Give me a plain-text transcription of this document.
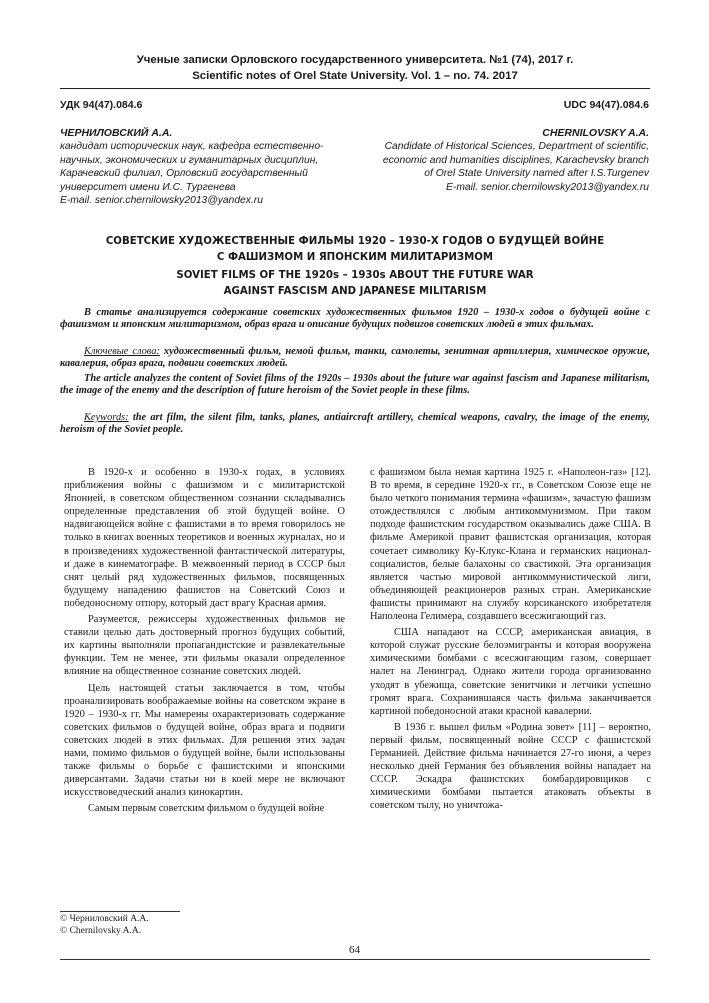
Ученые записки Орловского государственного университета. №1 (74), 2017 г.
Scientific notes of Orel State University. Vol. 1 – no. 74. 2017
УДК 94(47).084.6	UDC 94(47).084.6
ЧЕРНИЛОВСКИЙ А.А.
кандидат исторических наук, кафедра естественно-
научных, экономических и гуманитарных дисциплин,
Карачевский филиал, Орловский государственный
университет имени И.С. Тургенева
E-mail. senior.chernilowsky2013@yandex.ru
CHERNILOVSKY A.A.
Candidate of Historical Sciences, Department of scientific,
economic and humanities disciplines, Karachevsky branch
of Orel State University named after I.S.Turgenev
E-mail. senior.chernilowsky2013@yandex.ru
СОВЕТСКИЕ ХУДОЖЕСТВЕННЫЕ ФИЛЬМЫ 1920 – 1930-Х ГОДОВ О БУДУЩЕЙ ВОЙНЕ
С ФАШИЗМОМ И ЯПОНСКИМ МИЛИТАРИЗМОМ
SOVIET FILMS OF THE 1920s – 1930s ABOUT THE FUTURE WAR
AGAINST FASCISM AND JAPANESE MILITARISM
В статье анализируется содержание советских художественных фильмов 1920 – 1930-х годов о будущей войне с фашизмом и японским милитаризмом, образ врага и описание будущих подвигов советских людей в этих фильмах.
Ключевые слова: художественный фильм, немой фильм, танки, самолеты, зенитная артиллерия, химическое оружие, кавалерия, образ врага, подвиги советских людей.
The article analyzes the content of Soviet films of the 1920s – 1930s about the future war against fascism and Japanese militarism, the image of the enemy and the description of future heroism of the Soviet people in these films.
Keywords: the art film, the silent film, tanks, planes, antiaircraft artillery, chemical weapons, cavalry, the image of the enemy, heroism of the Soviet people.

В 1920-х и особенно в 1930-х годах, в условиях приближения войны с фашизмом и с милитаристской Японией, в советском общественном сознании складывались определенные представления об этой будущей войне. О надвигающейся войне с фашистами в то время говорилось не только в книгах военных теоретиков и военных журналах, но и в произведениях художественной фантастической литературы, и даже в кинематографе. В межвоенный период в СССР был снят целый ряд художественных фильмов, посвященных будущему нападению фашистов на Советский Союз и победоносному отпору, который даст врагу Красная армия.

Разумеется, режиссеры художественных фильмов не ставили целью дать достоверный прогноз будущих событий, их картины выполняли пропагандистские и развлекательные функции. Тем не менее, эти фильмы оказали определенное влияние на общественное сознание советских людей.

Цель настоящей статьи заключается в том, чтобы проанализировать воображаемые войны на советском экране в 1920 – 1930-х гг. Мы намерены охарактеризовать содержание советских фильмов о будущей войне, образ врага и подвиги советских людей в этих фильмах. Для решения этих задач нами, помимо фильмов о будущей войне, были использованы также фильмы о борьбе с фашистскими и японскими диверсантами. Задачи статьи ни в коей мере не включают искусствоведческий анализ кинокартин.

Самым первым советским фильмом о будущей войне

с фашизмом была немая картина 1925 г. «Наполеон-газ» [12]. В то время, в середине 1920-х гг., в Советском Союзе еще не было четкого понимания термина «фашизм», зачастую фашизм отождествлялся с любым антикоммунизмом. При таком подходе фашистским государством оказывались даже США. В фильме Америкой правит фашистская организация, которая сочетает символику Ку-Клукс-Клана и германских национал-социалистов, белые балахоны со свастикой. Эта организация является частью мировой антикоммунистической лиги, объединяющей реакционеров разных стран. Американские фашисты принимают на службу корсиканского изобретателя Наполеона Гелимера, создавшего всесжигающий газ.

США нападают на СССР, американская авиация, в которой служат русские белоэмигранты и которая вооружена химическими бомбами с всесжигающим газом, совершает налет на Ленинград. Однако жители города организованно уходят в убежища, советские зенитчики и летчики успешно громят врага. Сохранившаяся часть фильма заканчивается картиной победоносной атаки красной кавалерии.

В 1936 г. вышел фильм «Родина зовет» [11] – вероятно, первый фильм, посвященный войне СССР с фашистской Германией. Действие фильма начинается 27-го июня, а через несколько дней Германия без объявления войны нападает на СССР. Эскадра фашистских бомбардировщиков с химическими бомбами пытается атаковать объекты в советском тылу, но уничтожа-

© Черниловский А.А.
© Chernilovsky A.A.
64
